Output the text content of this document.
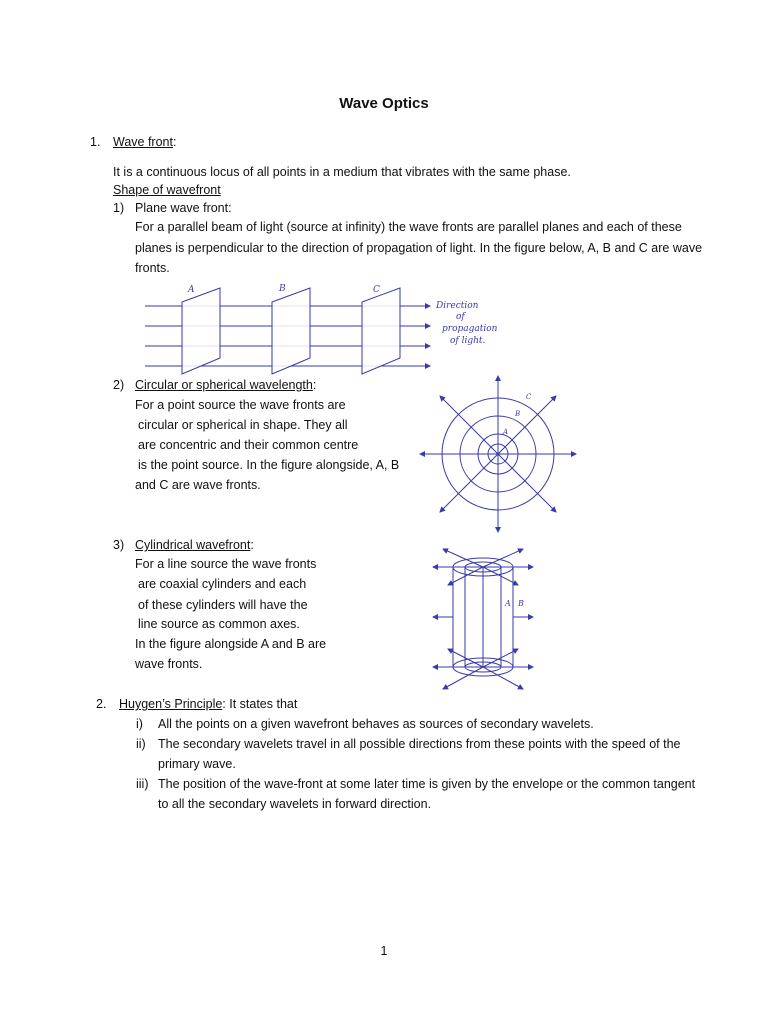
Wave Optics
1. Wave front:
It is a continuous locus of all points in a medium that vibrates with the same phase.
Shape of wavefront
1) Plane wave front:
For a parallel beam of light (source at infinity) the wave fronts are parallel planes and each of these
planes is perpendicular to the direction of propagation of light. In the figure below, A, B and C are wave
fronts.
A	B	C
Direction
of
propagation
of light.
2) Circular or spherical wavelength:
For a point source the wave fronts are
circular or spherical in shape. They all
are concentric and their common centre
is the point source. In the figure alongside, A, B
and C are wave fronts.
A
B
C
3) Cylindrical wavefront:
For a line source the wave fronts
are coaxial cylinders and each
of these cylinders will have the
line source as common axes.
In the figure alongside A and B are
wave fronts.
A B
2. Huygen’s Principle: It states that
i) All the points on a given wavefront behaves as sources of secondary wavelets.
ii) The secondary wavelets travel in all possible directions from these points with the speed of the
primary wave.
iii) The position of the wave-front at some later time is given by the envelope or the common tangent
to all the secondary wavelets in forward direction.
1
